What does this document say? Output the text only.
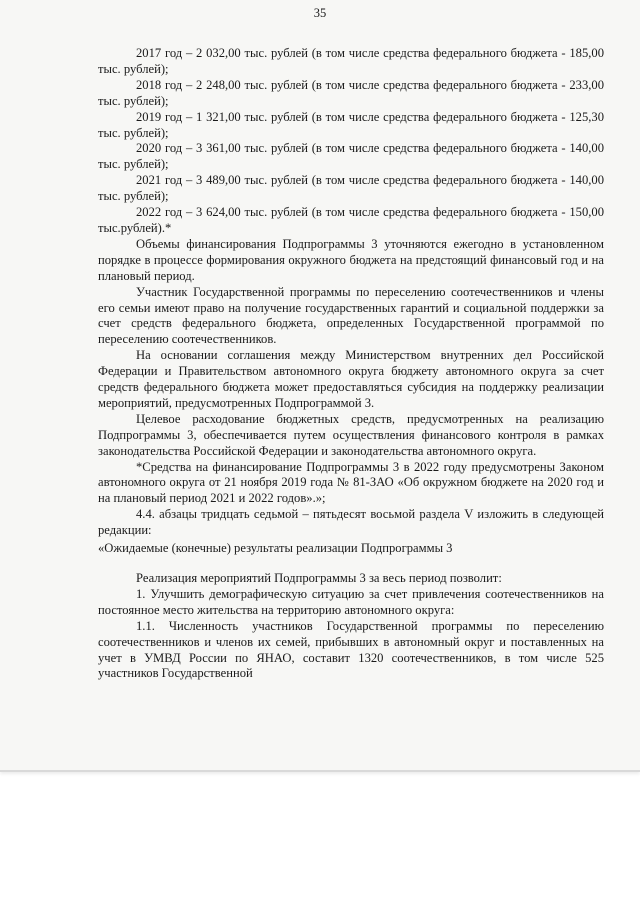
35

2017 год – 2 032,00 тыс. рублей (в том числе средства федерального бюджета - 185,00 тыс. рублей);

2018 год – 2 248,00 тыс. рублей (в том числе средства федерального бюджета - 233,00 тыс. рублей);

2019 год – 1 321,00 тыс. рублей (в том числе средства федерального бюджета - 125,30 тыс. рублей);

2020 год – 3 361,00 тыс. рублей (в том числе средства федерального бюджета - 140,00 тыс. рублей);

2021 год – 3 489,00 тыс. рублей (в том числе средства федерального бюджета - 140,00 тыс. рублей);

2022 год – 3 624,00 тыс. рублей (в том числе средства федерального бюджета - 150,00 тыс.рублей).*

Объемы финансирования Подпрограммы 3 уточняются ежегодно в установленном порядке в процессе формирования окружного бюджета на предстоящий финансовый год и на плановый период.

Участник Государственной программы по переселению соотечественников и члены его семьи имеют право на получение государственных гарантий и социальной поддержки за счет средств федерального бюджета, определенных Государственной программой по переселению соотечественников.

На основании соглашения между Министерством внутренних дел Российской Федерации и Правительством автономного округа бюджету автономного округа за счет средств федерального бюджета может предоставляться субсидия на поддержку реализации мероприятий, предусмотренных Подпрограммой 3.

Целевое расходование бюджетных средств, предусмотренных на реализацию Подпрограммы 3, обеспечивается путем осуществления финансового контроля в рамках законодательства Российской Федерации и законодательства автономного округа.

*Средства на финансирование Подпрограммы 3 в 2022 году предусмотрены Законом автономного округа от 21 ноября 2019 года № 81-ЗАО «Об окружном бюджете на 2020 год и на плановый период 2021 и 2022 годов».»;

4.4. абзацы тридцать седьмой – пятьдесят восьмой раздела V изложить в следующей редакции:

«Ожидаемые (конечные) результаты реализации Подпрограммы 3

Реализация мероприятий Подпрограммы 3 за весь период позволит:

1. Улучшить демографическую ситуацию за счет привлечения соотечественников на постоянное место жительства на территорию автономного округа:

1.1. Численность участников Государственной программы по переселению соотечественников и членов их семей, прибывших в автономный округ и поставленных на учет в УМВД России по ЯНАО, составит 1320 соотечественников, в том числе 525 участников Государственной
